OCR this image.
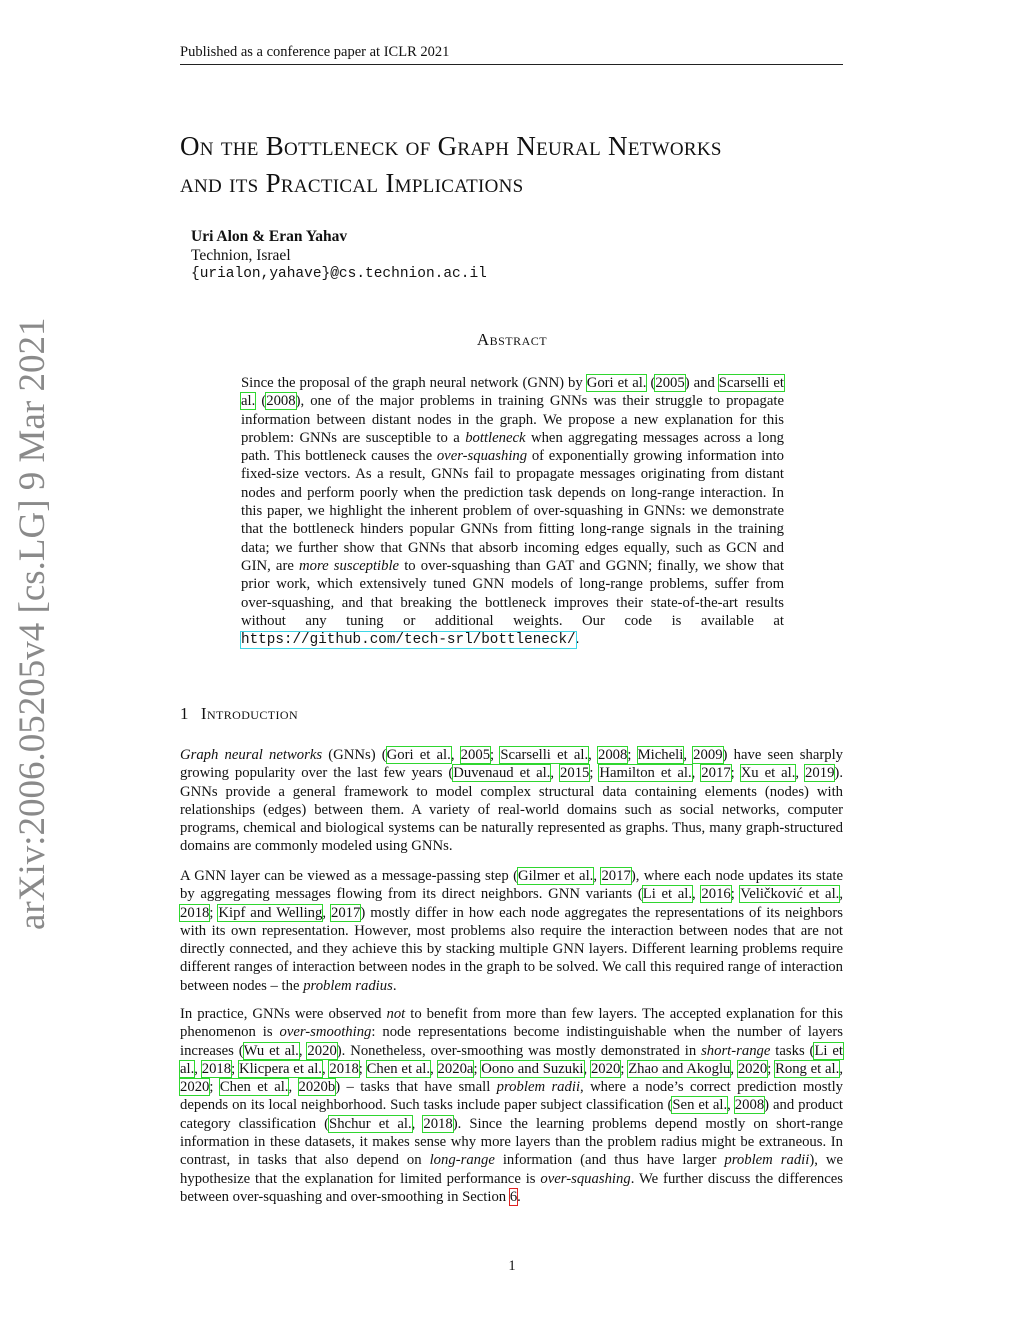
Published as a conference paper at ICLR 2021
arXiv:2006.05205v4 [cs.LG] 9 Mar 2021
On the Bottleneck of Graph Neural Networks
and its Practical Implications
Uri Alon & Eran Yahav
Technion, Israel
{urialon,yahave}@cs.technion.ac.il
Abstract

Since the proposal of the graph neural network (GNN) by Gori et al. (2005) and Scarselli et al. (2008), one of the major problems in training GNNs was their struggle to propagate information between distant nodes in the graph. We propose a new explanation for this problem: GNNs are susceptible to a bottleneck when aggregating messages across a long path. This bottleneck causes the over-squashing of exponentially growing information into fixed-size vectors. As a result, GNNs fail to propagate messages originating from distant nodes and perform poorly when the prediction task depends on long-range interaction. In this paper, we highlight the inherent problem of over-squashing in GNNs: we demonstrate that the bottleneck hinders popular GNNs from fitting long-range signals in the training data; we further show that GNNs that absorb incoming edges equally, such as GCN and GIN, are more susceptible to over-squashing than GAT and GGNN; finally, we show that prior work, which extensively tuned GNN models of long-range problems, suffer from over-squashing, and that breaking the bottleneck improves their state-of-the-art results without any tuning or additional weights. Our code is available at https://github.com/tech-srl/bottleneck/.

1 Introduction

Graph neural networks (GNNs) (Gori et al., 2005; Scarselli et al., 2008; Micheli, 2009) have seen sharply growing popularity over the last few years (Duvenaud et al., 2015; Hamilton et al., 2017; Xu et al., 2019). GNNs provide a general framework to model complex structural data containing elements (nodes) with relationships (edges) between them. A variety of real-world domains such as social networks, computer programs, chemical and biological systems can be naturally represented as graphs. Thus, many graph-structured domains are commonly modeled using GNNs.

A GNN layer can be viewed as a message-passing step (Gilmer et al., 2017), where each node updates its state by aggregating messages flowing from its direct neighbors. GNN variants (Li et al., 2016; Veličković et al., 2018; Kipf and Welling, 2017) mostly differ in how each node aggregates the representations of its neighbors with its own representation. However, most problems also require the interaction between nodes that are not directly connected, and they achieve this by stacking multiple GNN layers. Different learning problems require different ranges of interaction between nodes in the graph to be solved. We call this required range of interaction between nodes – the problem radius.

In practice, GNNs were observed not to benefit from more than few layers. The accepted explanation for this phenomenon is over-smoothing: node representations become indistinguishable when the number of layers increases (Wu et al., 2020). Nonetheless, over-smoothing was mostly demonstrated in short-range tasks (Li et al., 2018; Klicpera et al., 2018; Chen et al., 2020a; Oono and Suzuki, 2020; Zhao and Akoglu, 2020; Rong et al., 2020; Chen et al., 2020b) – tasks that have small problem radii, where a node’s correct prediction mostly depends on its local neighborhood. Such tasks include paper subject classification (Sen et al., 2008) and product category classification (Shchur et al., 2018). Since the learning problems depend mostly on short-range information in these datasets, it makes sense why more layers than the problem radius might be extraneous. In contrast, in tasks that also depend on long-range information (and thus have larger problem radii), we hypothesize that the explanation for limited performance is over-squashing. We further discuss the differences between over-squashing and over-smoothing in Section 6.

1
